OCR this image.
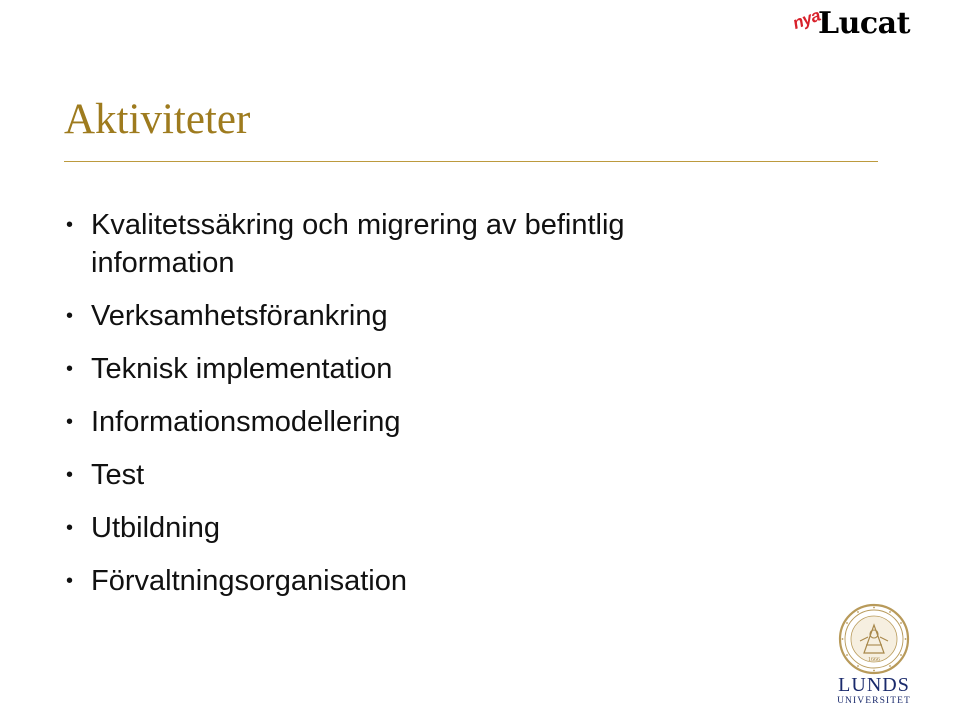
nya
Lucat
Aktiviteter
• Kvalitetssäkring och migrering av befintlig information
• Verksamhetsförankring
• Teknisk implementation
• Informationsmodellering
• Test
• Utbildning
• Förvaltningsorganisation
1666
LUNDS
UNIVERSITET
